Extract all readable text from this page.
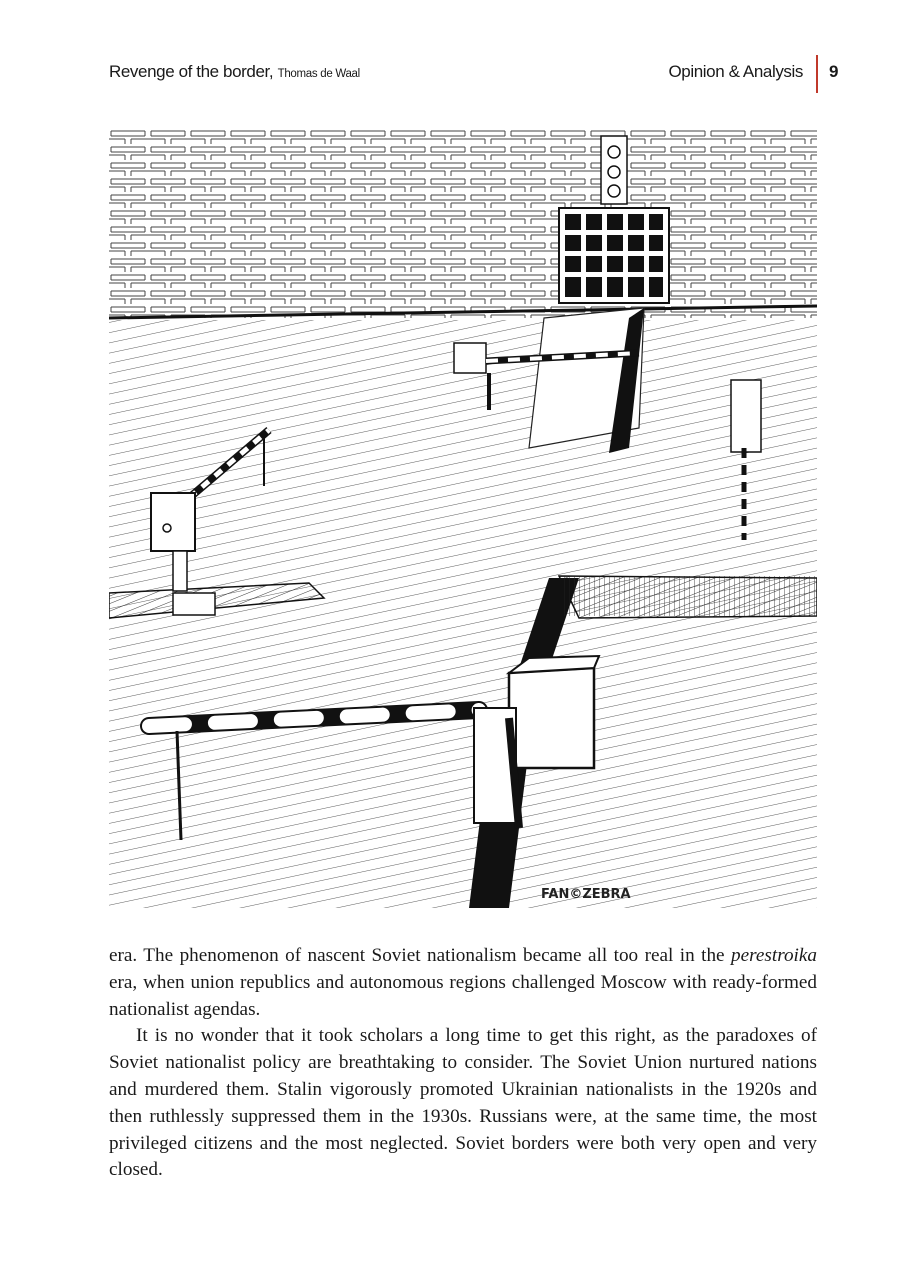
Revenge of the border, Thomas de Waal	Opinion & Analysis 9
FAN©ZEBRA

era. The phenomenon of nascent Soviet nationalism became all too real in the perestroika era, when union republics and autonomous regions challenged Moscow with ready-formed nationalist agendas.

It is no wonder that it took scholars a long time to get this right, as the paradoxes of Soviet nationalist policy are breathtaking to consider. The Soviet Union nurtured nations and murdered them. Stalin vigorously promoted Ukrainian nationalists in the 1920s and then ruthlessly suppressed them in the 1930s. Russians were, at the same time, the most privileged citizens and the most neglected. Soviet borders were both very open and very closed.
